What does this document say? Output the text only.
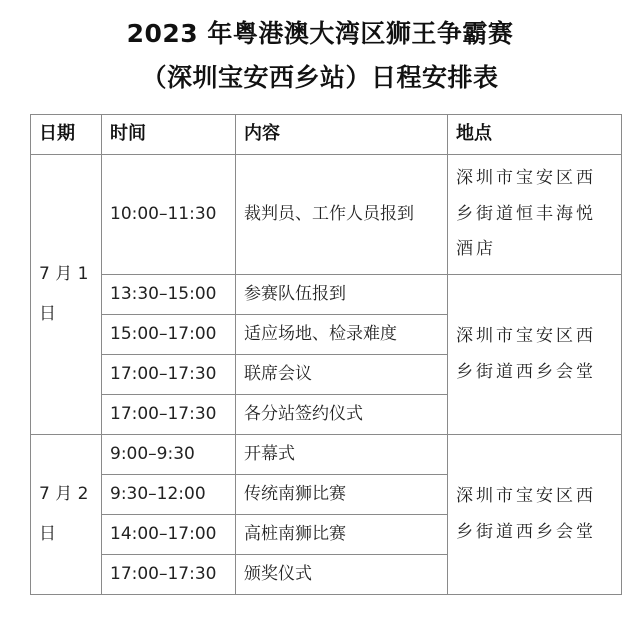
2023 年粤港澳大湾区狮王争霸赛
（深圳宝安西乡站）日程安排表
日期	时间	内容	地点
7 月 1 日	10:00–11:30	裁判员、工作人员报到	深圳市宝安区西乡街道恒丰海悦酒店
	13:30–15:00	参赛队伍报到	深圳市宝安区西乡街道西乡会堂
	15:00–17:00	适应场地、检录难度	
	17:00–17:30	联席会议	
	17:00–17:30	各分站签约仪式	
7 月 2 日	9:00–9:30	开幕式	深圳市宝安区西乡街道西乡会堂
	9:30–12:00	传统南狮比赛	
	14:00–17:00	高桩南狮比赛	
	17:00–17:30	颁奖仪式	
